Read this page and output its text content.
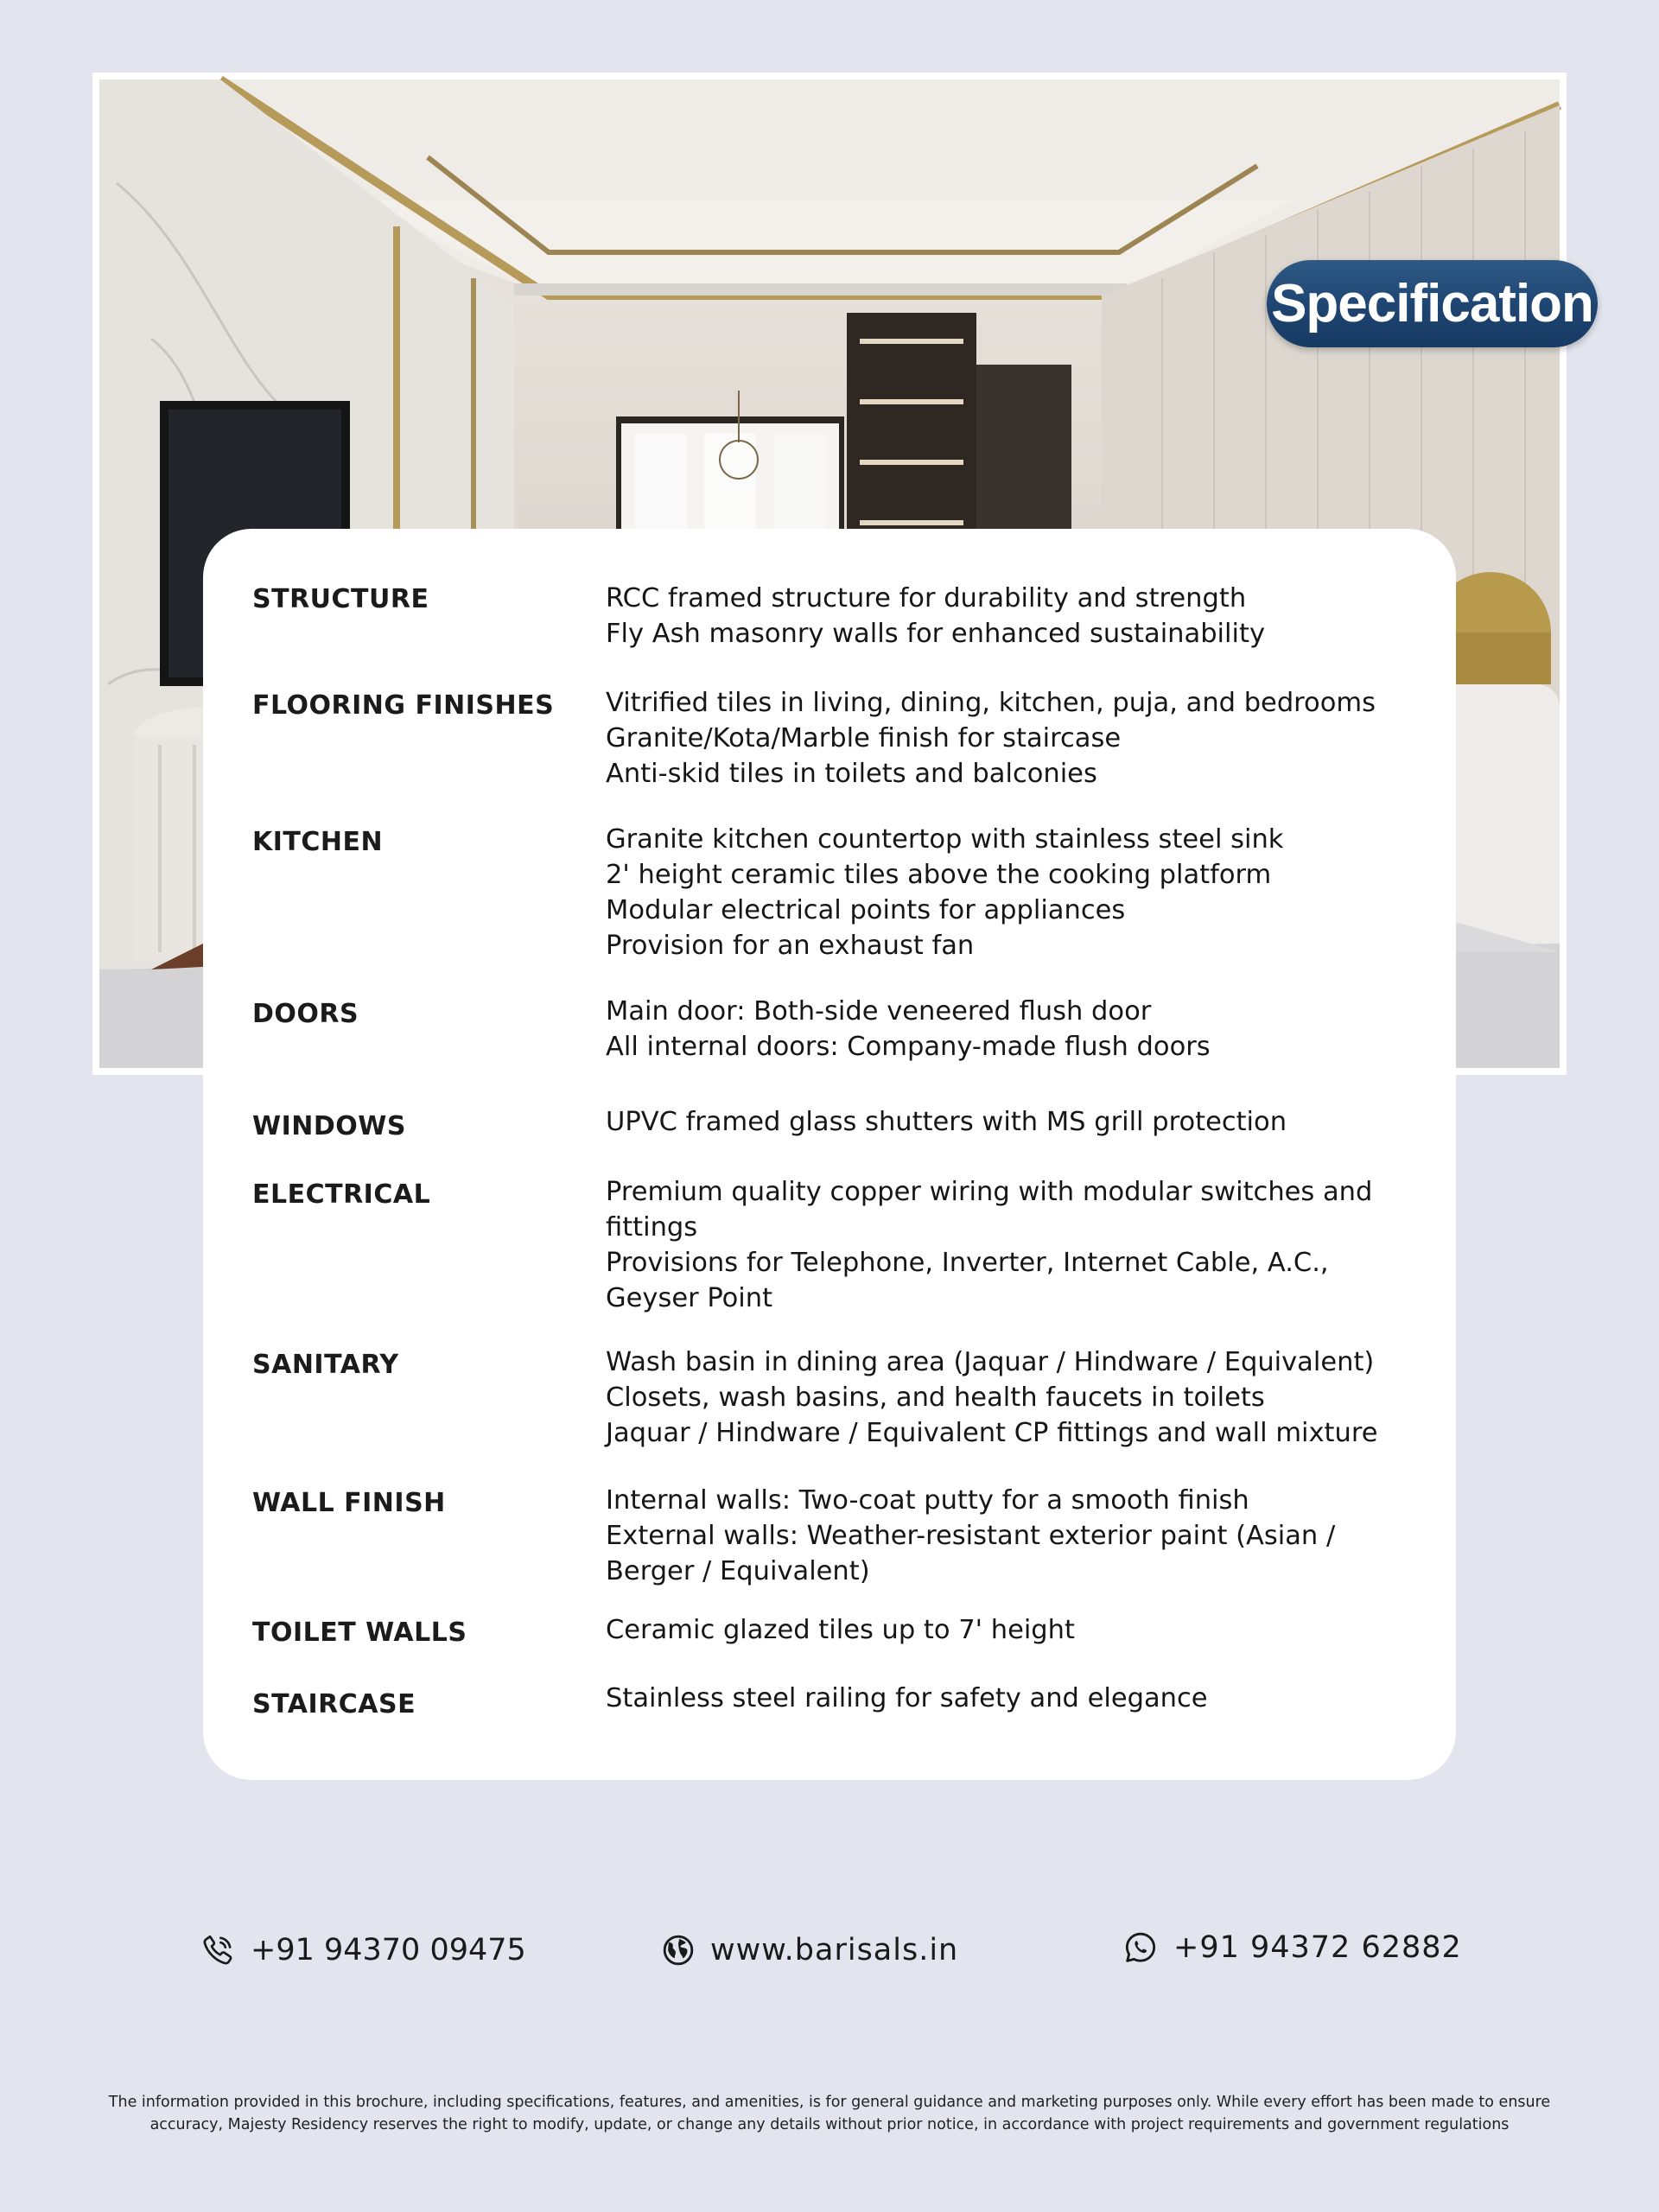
Specification
STRUCTURE	RCC framed structure for durability and strength
Fly Ash masonry walls for enhanced sustainability
FLOORING FINISHES Vitrified tiles in living, dining, kitchen, puja, and bedrooms
Granite/Kota/Marble finish for staircase
Anti-skid tiles in toilets and balconies
KITCHEN	Granite kitchen countertop with stainless steel sink
2' height ceramic tiles above the cooking platform
Modular electrical points for appliances
Provision for an exhaust fan
DOORS	Main door: Both-side veneered flush door
All internal doors: Company-made flush doors
WINDOWS	UPVC framed glass shutters with MS grill protection
ELECTRICAL	Premium quality copper wiring with modular switches and
fittings
Provisions for Telephone, Inverter, Internet Cable, A.C.,
Geyser Point
SANITARY	Wash basin in dining area (Jaquar / Hindware / Equivalent)
Closets, wash basins, and health faucets in toilets
Jaquar / Hindware / Equivalent CP fittings and wall mixture
WALL FINISH	Internal walls: Two-coat putty for a smooth finish
External walls: Weather-resistant exterior paint (Asian /
Berger / Equivalent)
TOILET WALLS	Ceramic glazed tiles up to 7' height
STAIRCASE	Stainless steel railing for safety and elegance
+91 94370 09475	www.barisals.in	+91 94372 62882
The information provided in this brochure, including specifications, features, and amenities, is for general guidance and marketing purposes only. While every effort has been made to ensure accuracy, Majesty Residency reserves the right to modify, update, or change any details without prior notice, in accordance with project requirements and government regulations
